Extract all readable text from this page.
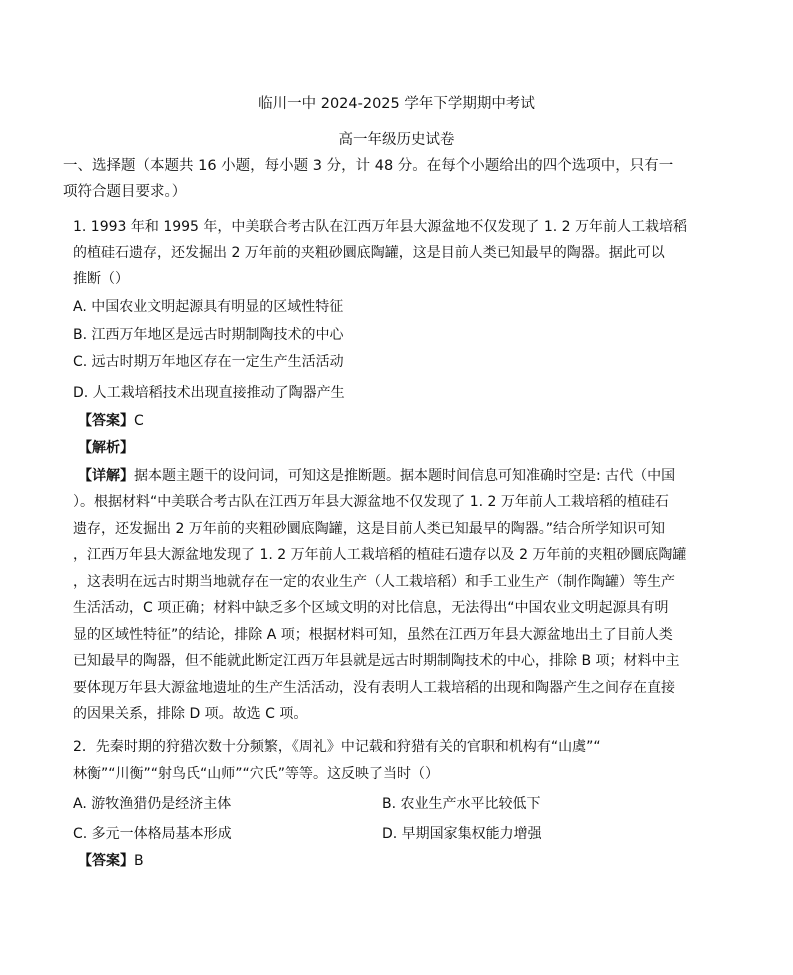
临川一中 2024-2025 学年下学期期中考试
高一年级历史试卷
一、选择题（本题共 16 小题，每小题 3 分，计 48 分。在每个小题给出的四个选项中，只有一
项符合题目要求。）
1. 1993 年和 1995 年，中美联合考古队在江西万年县大源盆地不仅发现了 1. 2 万年前人工栽培稻
的植硅石遗存，还发掘出 2 万年前的夹粗砂圜底陶罐，这是目前人类已知最早的陶器。据此可以
推断（）
A. 中国农业文明起源具有明显的区域性特征
B. 江西万年地区是远古时期制陶技术的中心
C. 远古时期万年地区存在一定生产生活活动
D. 人工栽培稻技术出现直接推动了陶器产生
【答案】C
【解析】
【详解】据本题主题干的设问词，可知这是推断题。据本题时间信息可知准确时空是: 古代（中国
）。根据材料“中美联合考古队在江西万年县大源盆地不仅发现了 1. 2 万年前人工栽培稻的植硅石
遗存，还发掘出 2 万年前的夹粗砂圜底陶罐，这是目前人类已知最早的陶器。”结合所学知识可知
，江西万年县大源盆地发现了 1. 2 万年前人工栽培稻的植硅石遗存以及 2 万年前的夹粗砂圜底陶罐
，这表明在远古时期当地就存在一定的农业生产（人工栽培稻）和手工业生产（制作陶罐）等生产
生活活动，C 项正确；材料中缺乏多个区域文明的对比信息，无法得出“中国农业文明起源具有明
显的区域性特征”的结论，排除 A 项；根据材料可知，虽然在江西万年县大源盆地出土了目前人类
已知最早的陶器，但不能就此断定江西万年县就是远古时期制陶技术的中心，排除 B 项；材料中主
要体现万年县大源盆地遗址的生产生活活动，没有表明人工栽培稻的出现和陶器产生之间存在直接
的因果关系，排除 D 项。故选 C 项。
2．先秦时期的狩猎次数十分频繁，《周礼》中记载和狩猎有关的官职和机构有“山虞”“
林衡”“川衡”“射鸟氏“山师”“穴氏”等等。这反映了当时（）
A. 游牧渔猎仍是经济主体	B. 农业生产水平比较低下
C. 多元一体格局基本形成	D. 早期国家集权能力增强
【答案】B
